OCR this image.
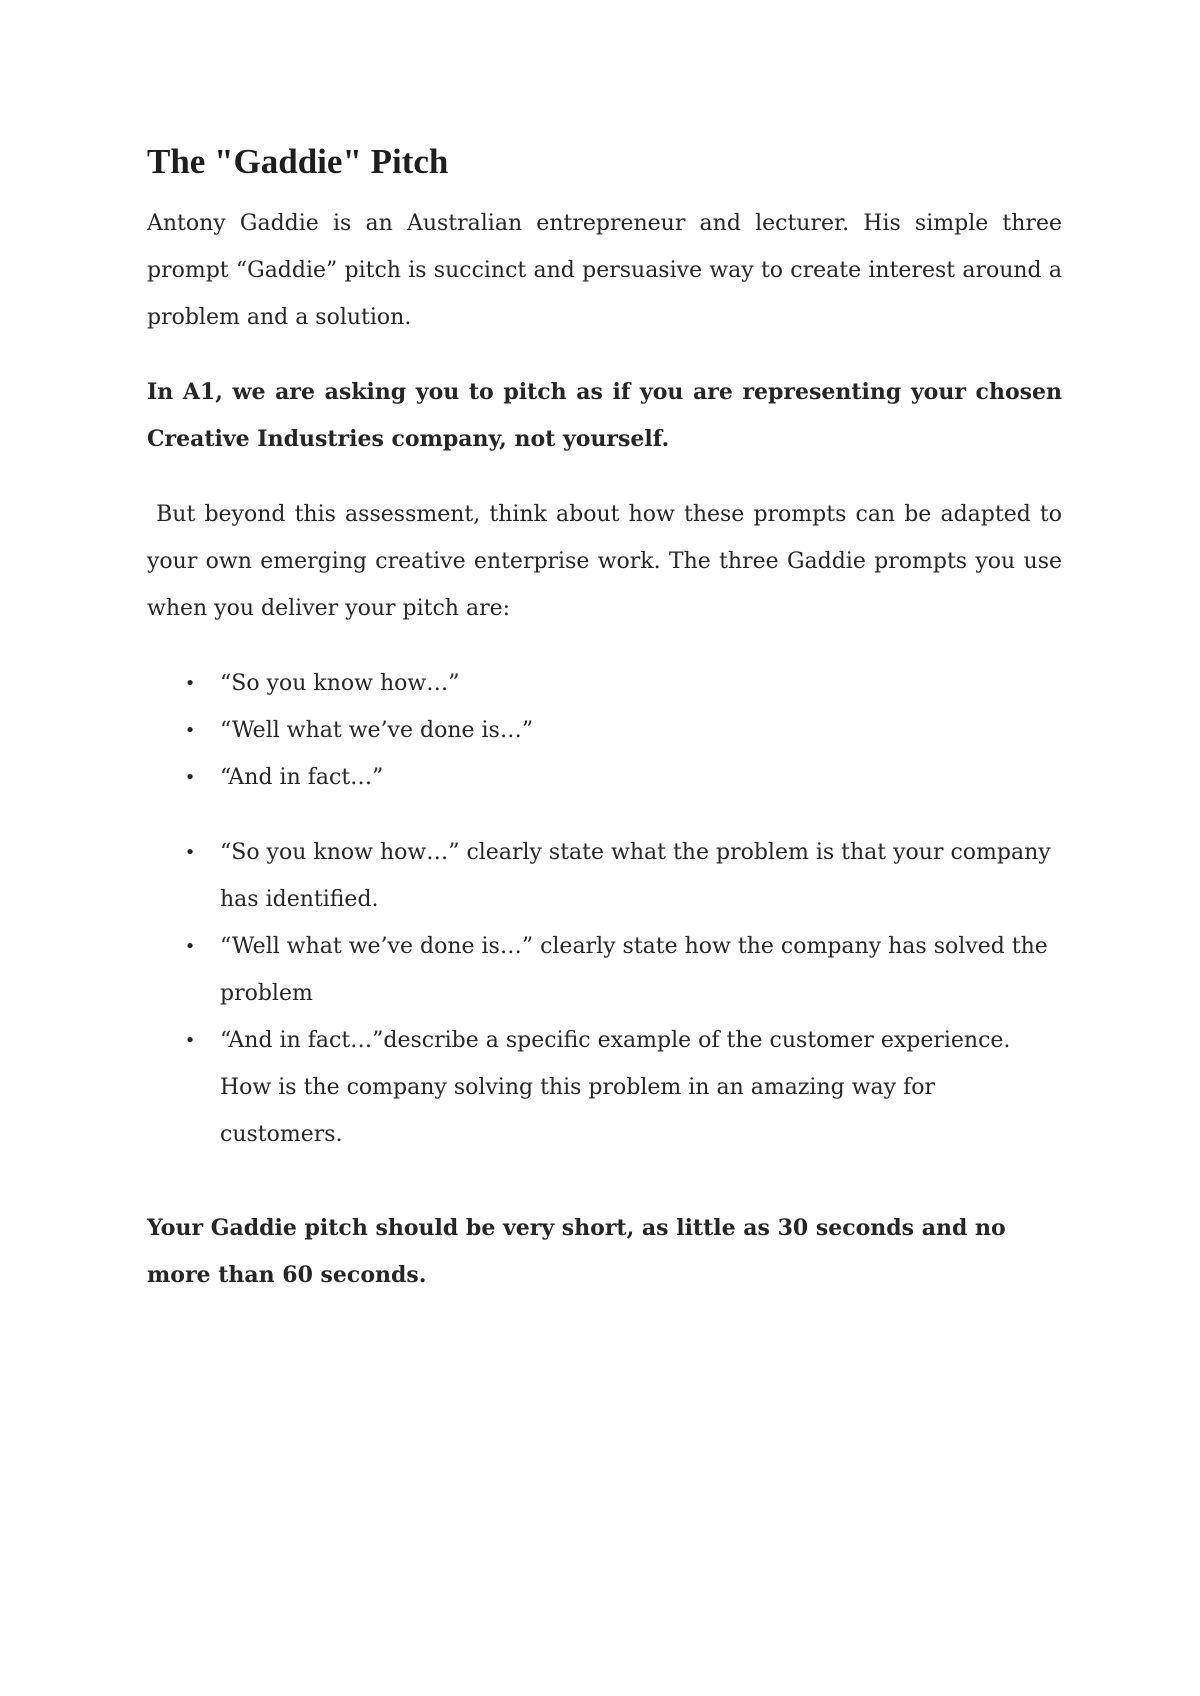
The "Gaddie" Pitch

Antony Gaddie is an Australian entrepreneur and lecturer. His simple three prompt “Gaddie” pitch is succinct and persuasive way to create interest around a problem and a solution.

In A1, we are asking you to pitch as if you are representing your chosen Creative Industries company, not yourself.

But beyond this assessment, think about how these prompts can be adapted to your own emerging creative enterprise work. The three Gaddie prompts you use when you deliver your pitch are:

• “So you know how…”
• “Well what we’ve done is…”
• “And in fact…”
• “So you know how…” clearly state what the problem is that your company has identified.
• “Well what we’ve done is…” clearly state how the company has solved the problem
• “And in fact…”describe a specific example of the customer experience. How is the company solving this problem in an amazing way for customers.

Your Gaddie pitch should be very short, as little as 30 seconds and no more than 60 seconds.
